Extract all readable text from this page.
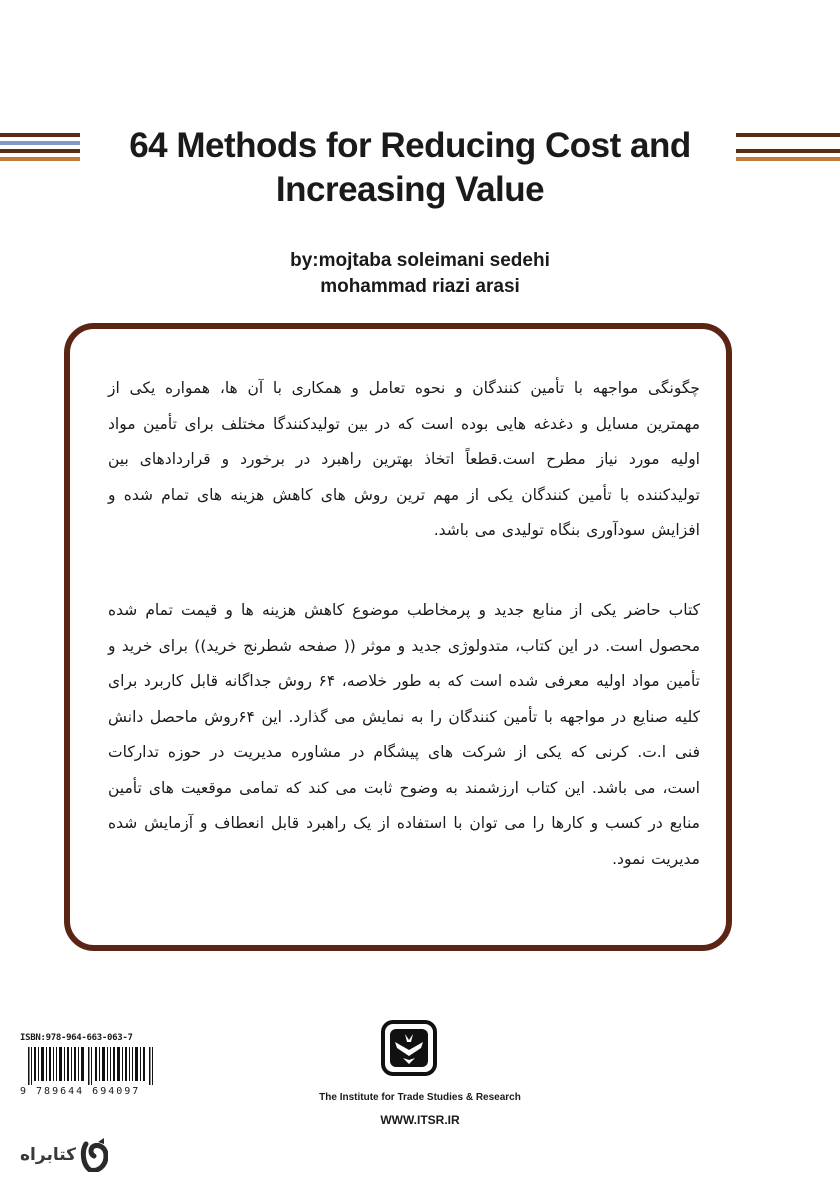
64 Methods for Reducing Cost and
Increasing Value
by:mojtaba soleimani sedehi
mohammad riazi arasi
چگونگی مواجهه با تأمین کنندگان و نحوه تعامل و همکاری با آن ها، همواره یکی از مهمترین مسایل و دغدغه هایی بوده است که در بین تولیدکنندگا مختلف برای تأمین مواد اولیه مورد نیاز مطرح است.قطعاً اتخاذ بهترین راهبرد در برخورد و قراردادهای بین تولیدکننده با تأمین کنندگان یکی از مهم ترین روش های کاهش هزینه های تمام شده و افزایش سودآوری بنگاه تولیدی می باشد.
کتاب حاضر یکی از منابع جدید و پرمخاطب موضوع کاهش هزینه ها و قیمت تمام شده محصول است. در این کتاب، متدولوژی جدید و موثر (( صفحه شطرنج خرید)) برای خرید و تأمین مواد اولیه معرفی شده است که به طور خلاصه، ۶۴ روش جداگانه قابل کاربرد برای کلیه صنایع در مواجهه با تأمین کنندگان را به نمایش می گذارد. این ۶۴روش ماحصل دانش فنی ا.ت. کرنی که یکی از شرکت های پیشگام در مشاوره مدیریت در حوزه تدارکات است، می باشد. این کتاب ارزشمند به وضوح ثابت می کند که تمامی موقعیت های تأمین منابع در کسب و کارها را می توان با استفاده از یک راهبرد قابل انعطاف و آزمایش شده مدیریت نمود.
ISBN:978-964-663-063-7
9 789644 694097
The Institute for Trade Studies & Research
WWW.ITSR.IR
کتابراه
